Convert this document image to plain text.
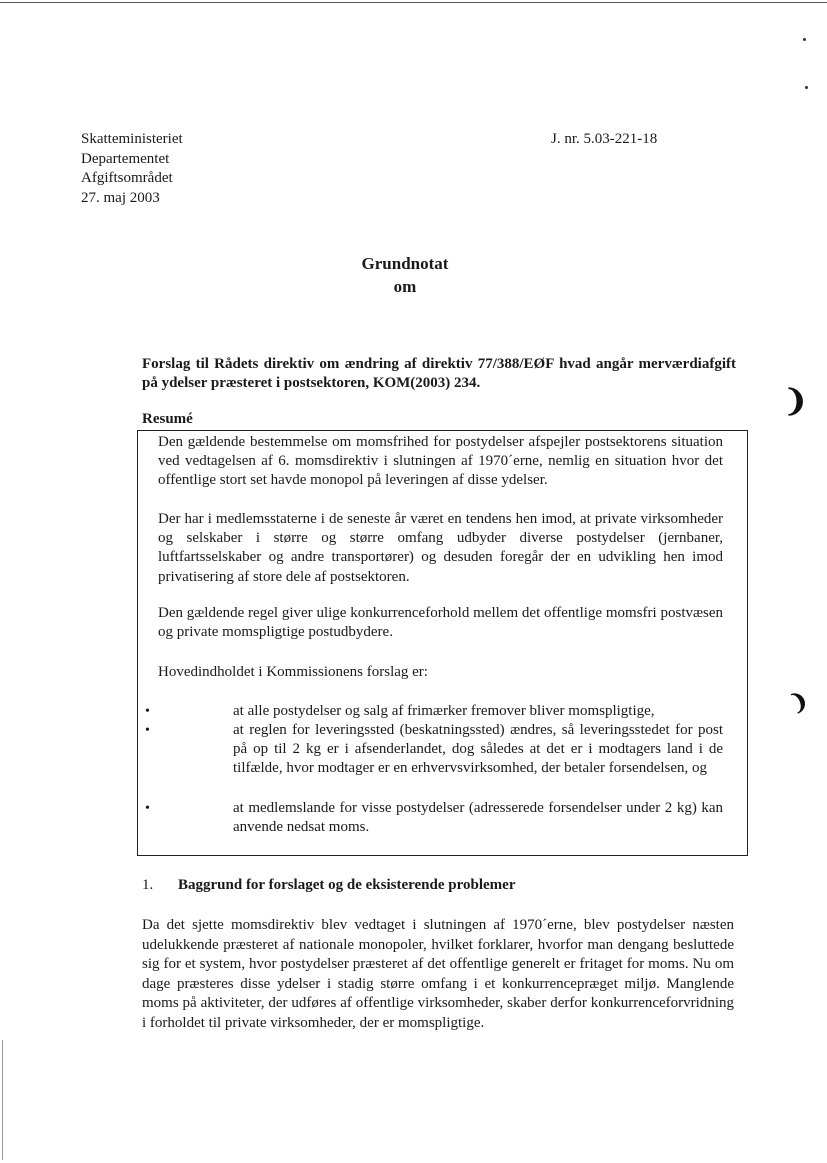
❩
❩
Skatteministeriet
Departementet
Afgiftsområdet
27. maj 2003
J. nr. 5.03-221-18
Grundnotat
om
Forslag til Rådets direktiv om ændring af direktiv 77/388/EØF hvad angår merværdiafgift på ydelser præsteret i postsektoren, KOM(2003) 234.
Resumé
Den gældende bestemmelse om momsfrihed for postydelser afspejler postsektorens situation ved vedtagelsen af 6. momsdirektiv i slutningen af 1970´erne, nemlig en situation hvor det offentlige stort set havde monopol på leveringen af disse ydelser.
Der har i medlemsstaterne i de seneste år været en tendens hen imod, at private virksomheder og selskaber i større og større omfang udbyder diverse postydelser (jernbaner, luftfartsselskaber og andre transportører) og desuden foregår der en udvikling hen imod privatisering af store dele af postsektoren.
Den gældende regel giver ulige konkurrenceforhold mellem det offentlige momsfri postvæsen og private momspligtige postudbydere.
Hovedindholdet i Kommissionens forslag er:
•	at alle postydelser og salg af frimærker fremover bliver momspligtige,
•	at reglen for leveringssted (beskatningssted) ændres, så leveringsstedet for post på op til 2 kg er i afsenderlandet, dog således at det er i modtagers land i de tilfælde, hvor modtager er en erhvervsvirksomhed, der betaler forsendelsen, og
•	at medlemslande for visse postydelser (adresserede forsendelser under 2 kg) kan anvende nedsat moms.
1. Baggrund for forslaget og de eksisterende problemer
Da det sjette momsdirektiv blev vedtaget i slutningen af 1970´erne, blev postydelser næsten udelukkende præsteret af nationale monopoler, hvilket forklarer, hvorfor man dengang besluttede sig for et system, hvor postydelser præsteret af det offentlige generelt er fritaget for moms. Nu om dage præsteres disse ydelser i stadig større omfang i et konkurrencepræget miljø. Manglende moms på aktiviteter, der udføres af offentlige virksomheder, skaber derfor konkurrenceforvridning i forholdet til private virksomheder, der er momspligtige.
